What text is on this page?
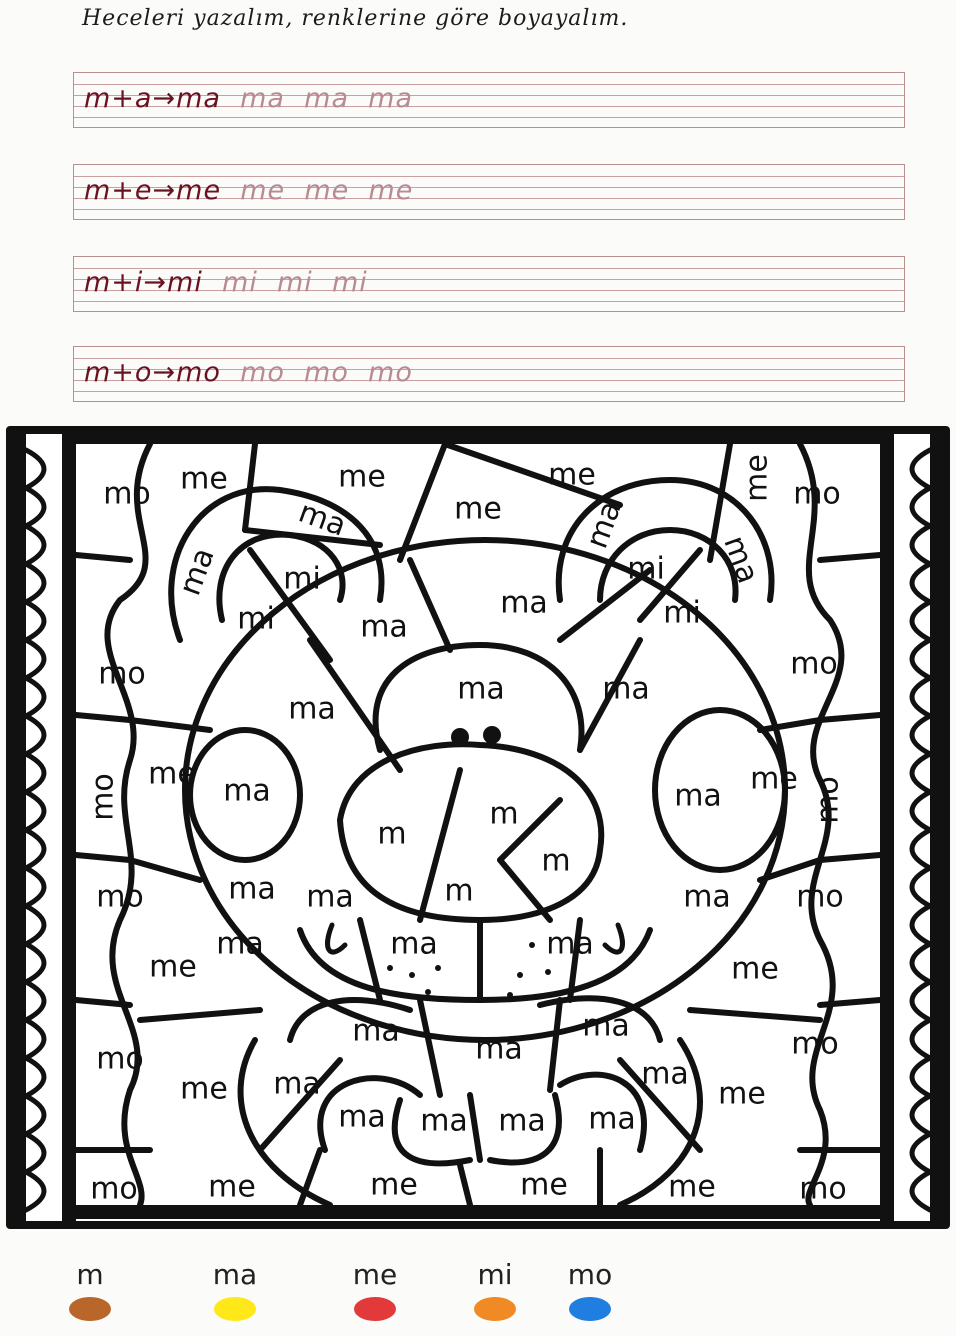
Heceleri yazalım, renklerine göre boyayalım.
m+a→ma ma  ma  ma
m+e→me me  me  me
m+i→mi mi  mi  mi
m+o→mo mo  mo  mo
mo me	me	me
me
me mo
ma
ma mi
mi
ma
ma
mi
mi
ma
ma
mo	mo
ma	ma
ma
mo me ma	ma me mo
m
m
m
m
mo	ma ma	ma mo
ma	ma	ma
me	me
ma
ma
ma
mo	mo
me ma	ma
me
ma ma ma ma
mo me	me	me	me	mo
m	ma	me	mi	mo
